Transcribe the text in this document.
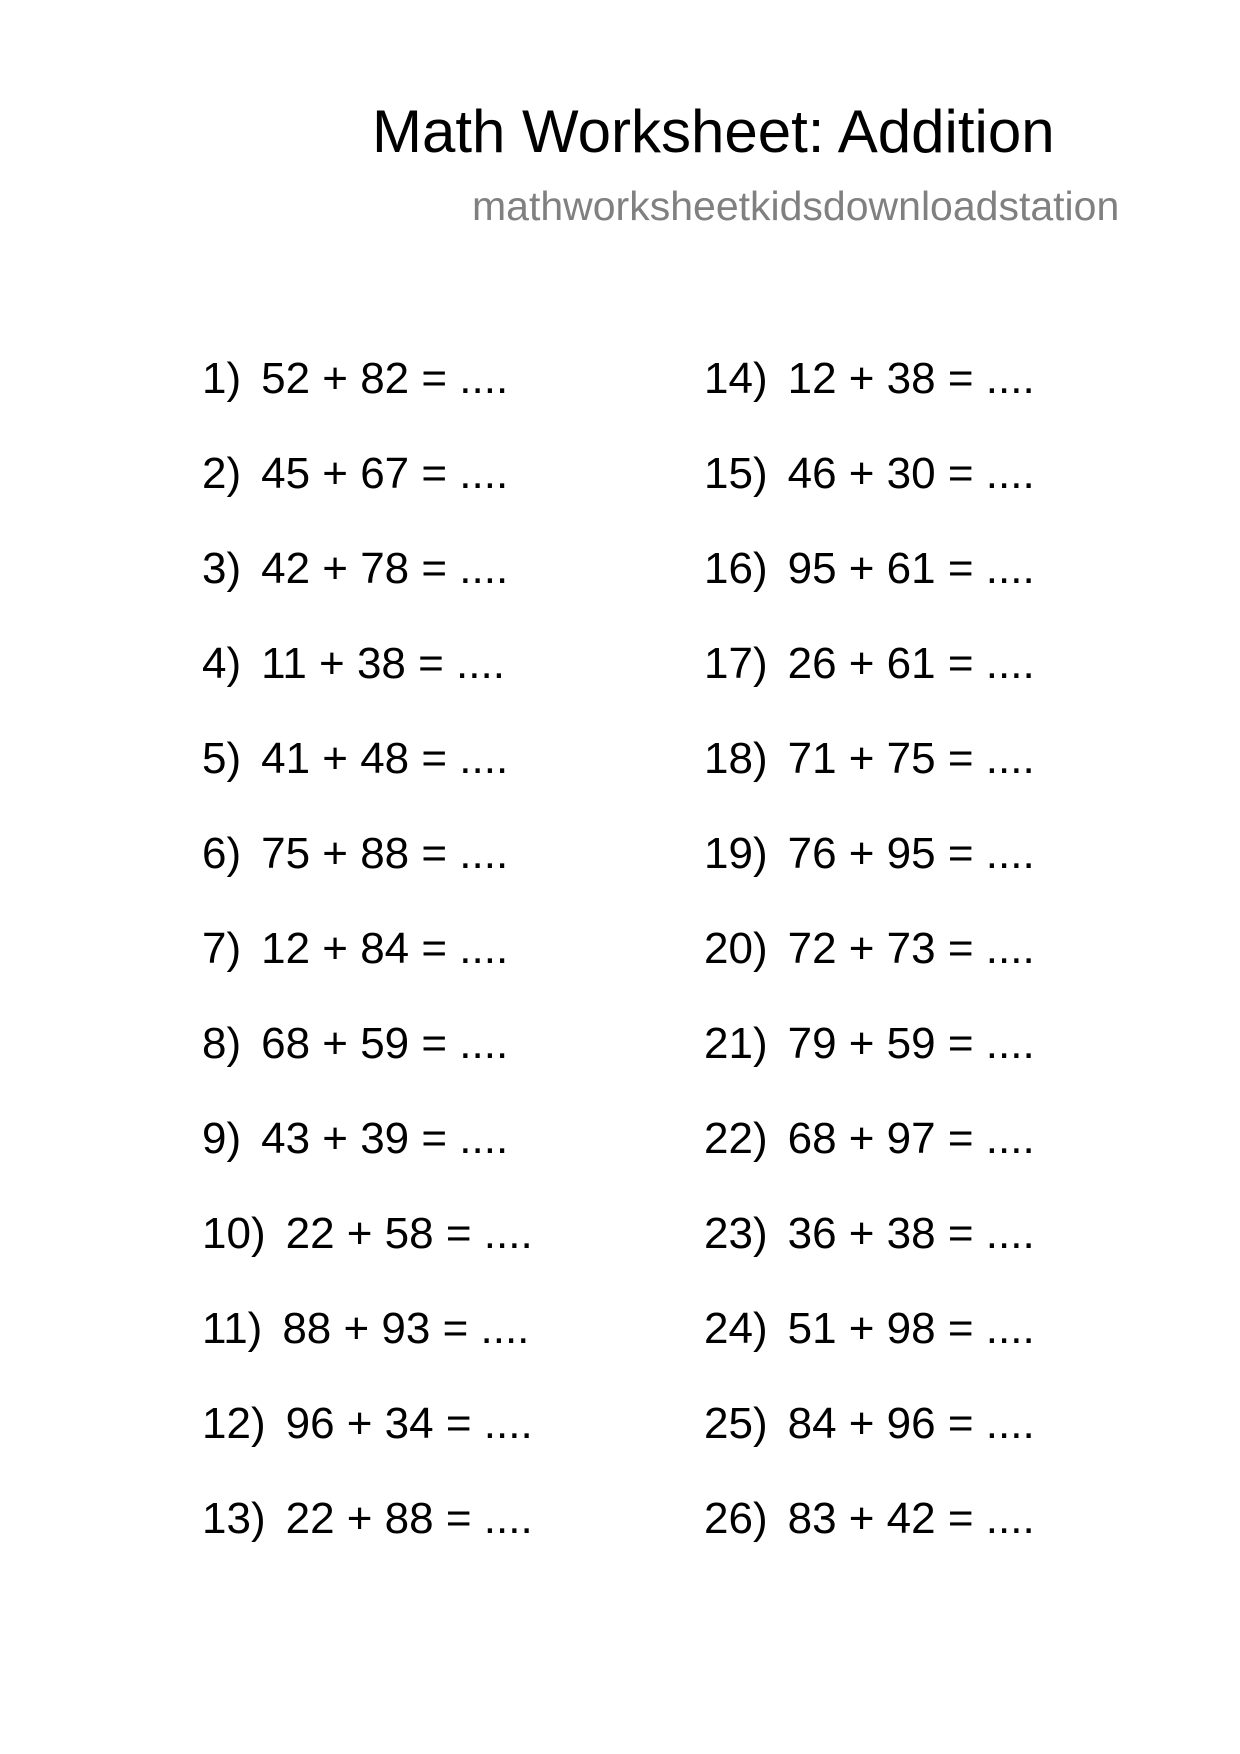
Math Worksheet: Addition
mathworksheetkidsdownloadstation
1) 52 + 82 = ....
2) 45 + 67 = ....
3) 42 + 78 = ....
4) 11 + 38 = ....
5) 41 + 48 = ....
6) 75 + 88 = ....
7) 12 + 84 = ....
8) 68 + 59 = ....
9) 43 + 39 = ....
10) 22 + 58 = ....
11) 88 + 93 = ....
12) 96 + 34 = ....
13) 22 + 88 = ....
14) 12 + 38 = ....
15) 46 + 30 = ....
16) 95 + 61 = ....
17) 26 + 61 = ....
18) 71 + 75 = ....
19) 76 + 95 = ....
20) 72 + 73 = ....
21) 79 + 59 = ....
22) 68 + 97 = ....
23) 36 + 38 = ....
24) 51 + 98 = ....
25) 84 + 96 = ....
26) 83 + 42 = ....
